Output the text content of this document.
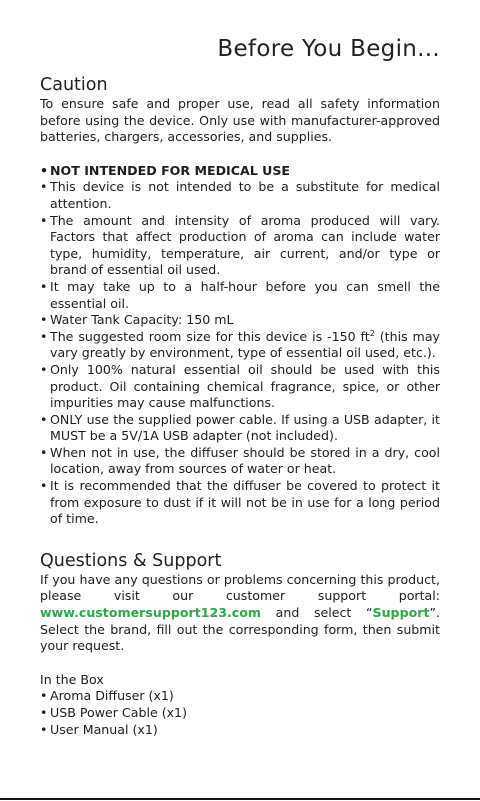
Before You Begin...
Caution

To ensure safe and proper use, read all safety information before using the device. Only use with manufacturer-approved batteries, chargers, accessories, and supplies.

• NOT INTENDED FOR MEDICAL USE
• This device is not intended to be a substitute for medical attention.
• The amount and intensity of aroma produced will vary. Factors that affect production of aroma can include water type, humidity, temperature, air current, and/or type or brand of essential oil used.
• It may take up to a half-hour before you can smell the essential oil.
• Water Tank Capacity: 150 mL
• The suggested room size for this device is -150 $ft^2$ (this may vary greatly by environment, type of essential oil used, etc.).
• Only 100% natural essential oil should be used with this product. Oil containing chemical fragrance, spice, or other impurities may cause malfunctions.
• ONLY use the supplied power cable. If using a USB adapter, it MUST be a 5V/1A USB adapter (not included).
• When not in use, the diffuser should be stored in a dry, cool location, away from sources of water or heat.
• It is recommended that the diffuser be covered to protect it from exposure to dust if it will not be in use for a long period of time.
Questions & Support

If you have any questions or problems concerning this product, please visit our customer support portal: www.customersupport123.com and select “Support”. Select the brand, fill out the corresponding form, then submit your request.

In the Box

• Aroma Diffuser (x1)
• USB Power Cable (x1)
• User Manual (x1)
